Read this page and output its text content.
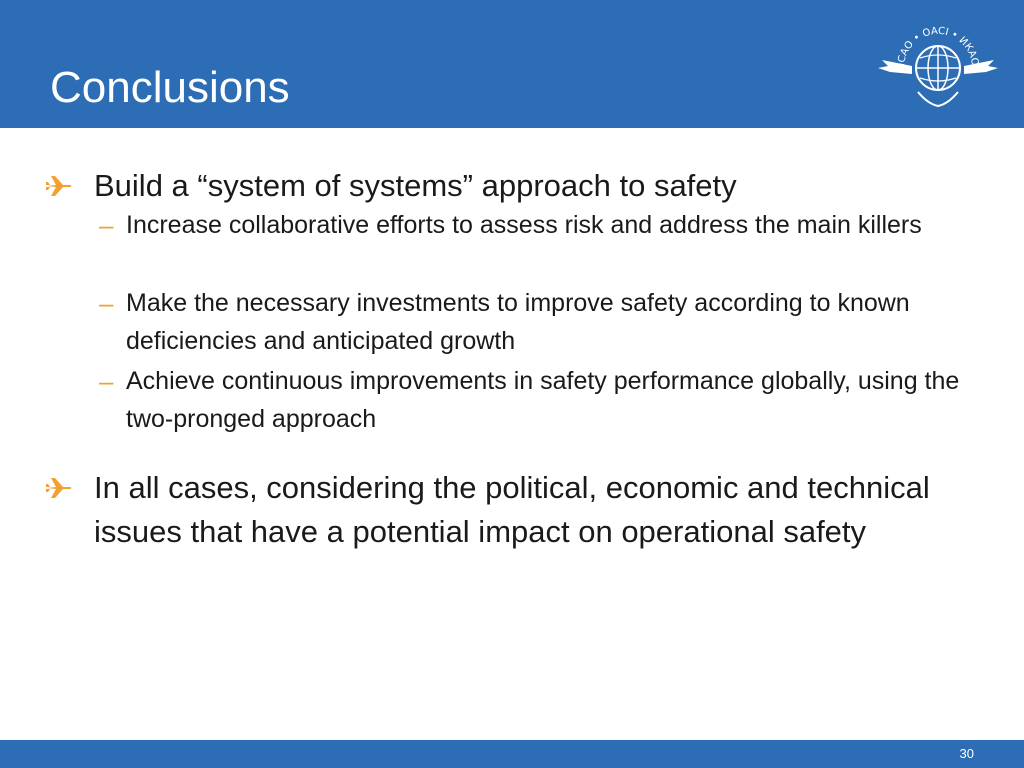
Conclusions	ICAO • OACI • ИКАО
Build a “system of systems” approach to safety
– Increase collaborative efforts to assess risk and address the main killers
– Make the necessary investments to improve safety according to known deficiencies and anticipated growth
– Achieve continuous improvements in safety performance globally, using the two-pronged approach
In all cases, considering the political, economic and technical issues that have a potential impact on operational safety
30
